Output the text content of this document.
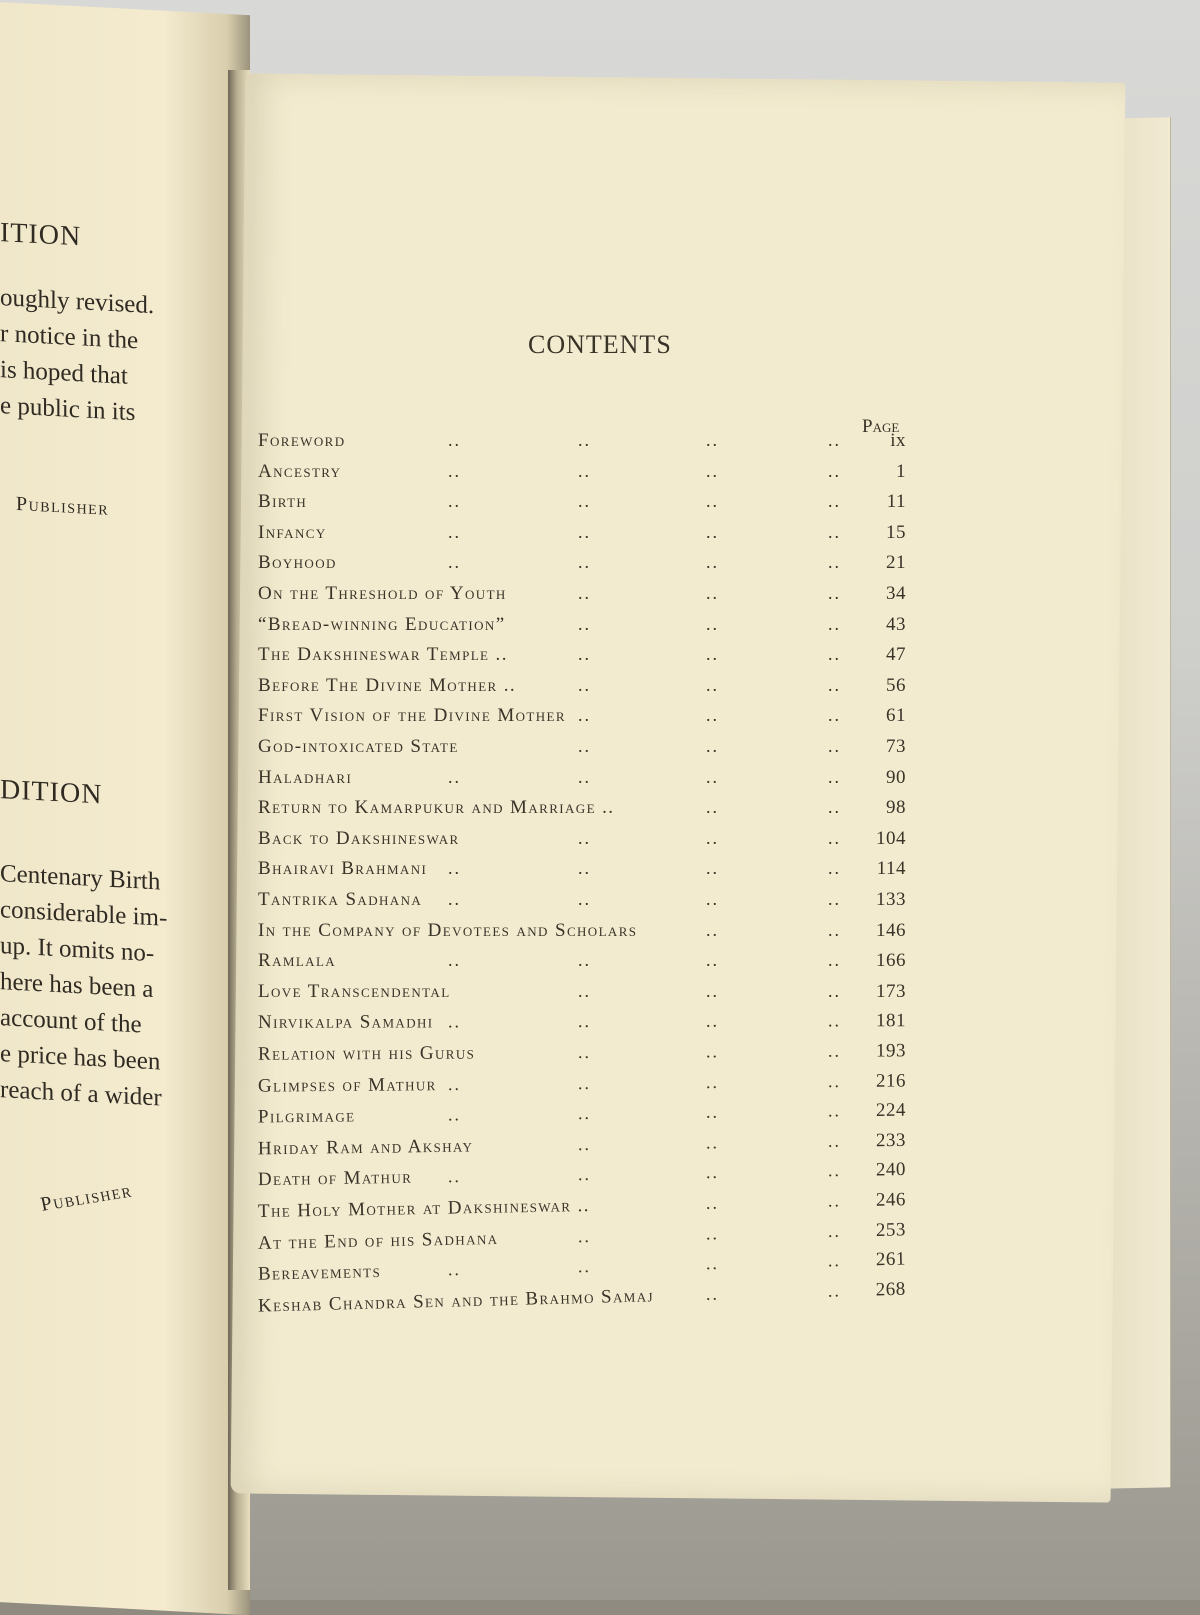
ITION
oughly revised.
r notice in the
is hoped that
e public in its
Publisher
DITION
Centenary Birth
considerable im-
up. It omits no-
here has been a
account of the
e price has been
reach of a wider
Publisher
CONTENTS
Page
Foreword	..	..	..	..	ix
Ancestry	..	..	..	..	1
Birth	..	..	..	..	11
Infancy	..	..	..	..	15
Boyhood	..	..	..	..	21
On the Threshold of Youth	..	..	..	34
“Bread-winning Education”	..	..	..	43
The Dakshineswar Temple ..	..	..	..	47
Before The Divine Mother ..	..	..	..	56
First Vision of the Divine Mother ..	..	..	61
God-intoxicated State	..	..	..	73
Haladhari	..	..	..	..	90
Return to Kamarpukur and Marriage ..	..	..	98
Back to Dakshineswar	..	..	..	104
Bhairavi Brahmani ..	..	..	..	114
Tantrika Sadhana ..	..	..	..	133
In the Company of Devotees and Scholars	..	..	146
Ramlala	..	..	..	..	166
Love Transcendental	..	..	..	173
Nirvikalpa Samadhi ..	..	..	..	181
Relation with his Gurus	..	..	..	193
Glimpses of Mathur ..	..	..	..	216
Pilgrimage	..	..	..	..	224
Hriday Ram and Akshay	..	..	..	233
Death of Mathur ..	..	..	..	240
The Holy Mother at Dakshineswar ..	..	..	246
At the End of his Sadhana	..	..	..	253
Bereavements	..	..	..	..	261
Keshab Chandra Sen and the Brahmo Samaj	..	..	268
